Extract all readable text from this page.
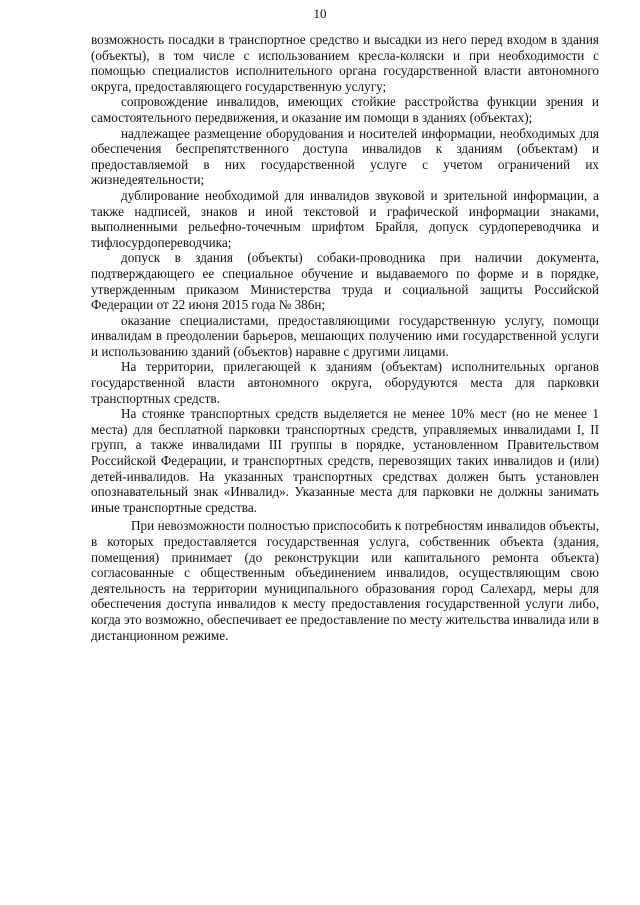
10

возможность посадки в транспортное средство и высадки из него перед входом в здания (объекты), в том числе с использованием кресла-коляски и при необходимости с помощью специалистов исполнительного органа государственной власти автономного округа, предоставляющего государственную услугу;

сопровождение инвалидов, имеющих стойкие расстройства функции зрения и самостоятельного передвижения, и оказание им помощи в зданиях (объектах);

надлежащее размещение оборудования и носителей информации, необходимых для обеспечения беспрепятственного доступа инвалидов к зданиям (объектам) и предоставляемой в них государственной услуге с учетом ограничений их жизнедеятельности;

дублирование необходимой для инвалидов звуковой и зрительной информации, а также надписей, знаков и иной текстовой и графической информации знаками, выполненными рельефно-точечным шрифтом Брайля, допуск сурдопереводчика и тифлосурдопереводчика;

допуск в здания (объекты) собаки-проводника при наличии документа, подтверждающего ее специальное обучение и выдаваемого по форме и в порядке, утвержденным приказом Министерства труда и социальной защиты Российской Федерации от 22 июня 2015 года № 386н;

оказание специалистами, предоставляющими государственную услугу, помощи инвалидам в преодолении барьеров, мешающих получению ими государственной услуги и использованию зданий (объектов) наравне с другими лицами.

На территории, прилегающей к зданиям (объектам) исполнительных органов государственной власти автономного округа, оборудуются места для парковки транспортных средств.

На стоянке транспортных средств выделяется не менее 10% мест (но не менее 1 места) для бесплатной парковки транспортных средств, управляемых инвалидами I, II групп, а также инвалидами III группы в порядке, установленном Правительством Российской Федерации, и транспортных средств, перевозящих таких инвалидов и (или) детей-инвалидов. На указанных транспортных средствах должен быть установлен опознавательный знак «Инвалид». Указанные места для парковки не должны занимать иные транспортные средства.

При невозможности полностью приспособить к потребностям инвалидов объекты, в которых предоставляется государственная услуга, собственник объекта (здания, помещения) принимает (до реконструкции или капитального ремонта объекта) согласованные с общественным объединением инвалидов, осуществляющим свою деятельность на территории муниципального образования город Салехард, меры для обеспечения доступа инвалидов к месту предоставления государственной услуги либо, когда это возможно, обеспечивает ее предоставление по месту жительства инвалида или в дистанционном режиме.
